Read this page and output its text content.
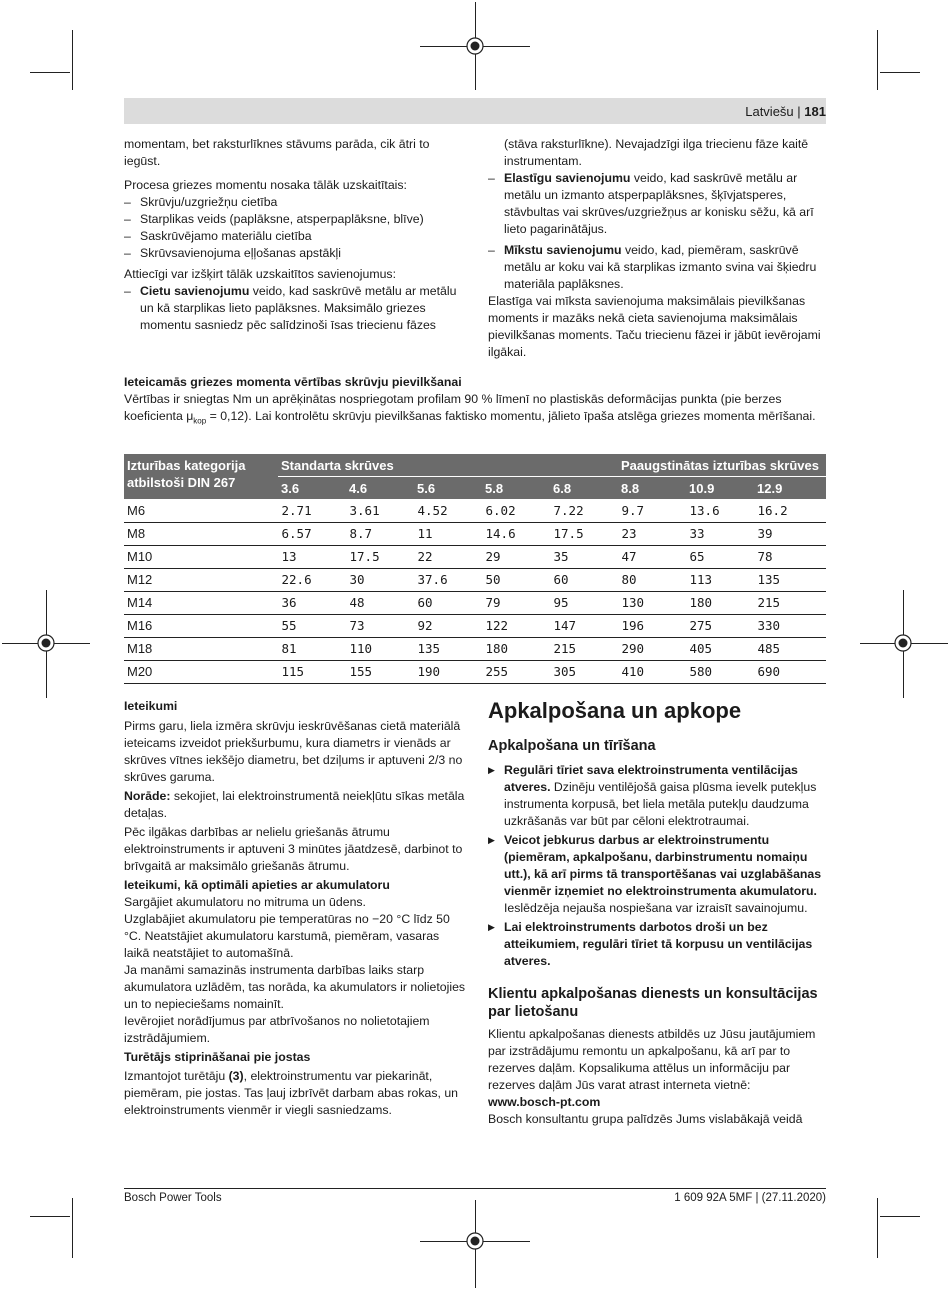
Latviešu | 181

momentam, bet raksturlīknes stāvums parāda, cik ātri to iegūst.

Procesa griezes momentu nosaka tālāk uzskaitītais:

– Skrūvju/uzgriežņu cietība
– Starplikas veids (paplāksne, atsperpaplāksne, blīve)
– Saskrūvējamo materiālu cietība
– Skrūvsavienojuma eļļošanas apstākļi

Attiecīgi var izšķirt tālāk uzskaitītos savienojumus:

– Cietu savienojumu veido, kad saskrūvē metālu ar metālu un kā starplikas lieto paplāksnes. Maksimālo griezes momentu sasniedz pēc salīdzinoši īsas triecienu fāzes

(stāva raksturlīkne). Nevajadzīgi ilga triecienu fāze kaitē instrumentam.

– Elastīgu savienojumu veido, kad saskrūvē metālu ar metālu un izmanto atsperpaplāksnes, šķīvjatsperes, stāvbultas vai skrūves/uzgriežņus ar konisku sēžu, kā arī lieto pagarinātājus.
– Mīkstu savienojumu veido, kad, piemēram, saskrūvē metālu ar koku vai kā starplikas izmanto svina vai šķiedru materiāla paplāksnes.

Elastīga vai mīksta savienojuma maksimālais pievilkšanas moments ir mazāks nekā cieta savienojuma maksimālais pievilkšanas moments. Taču triecienu fāzei ir jābūt ievērojami ilgākai.

Ieteicamās griezes momenta vērtības skrūvju pievilkšanai

Vērtības ir sniegtas Nm un aprēķinātas nospriegotam profilam 90 % līmenī no plastiskās deformācijas punkta (pie berzes koeficienta $\mu_{kop} = 0,12$). Lai kontrolētu skrūvju pievilkšanas faktisko momentu, jālieto īpaša atslēga griezes momenta mērīšanai.

Izturības kategorija atbilstoši DIN 267	Standarta skrūves					Paaugstinātas izturības skrūves		
	3.6	4.6	5.6	5.8	6.8	8.8	10.9	12.9
M6	2.71	3.61	4.52	6.02	7.22	9.7	13.6	16.2
M8	6.57	8.7	11	14.6	17.5	23	33	39
M10	13	17.5	22	29	35	47	65	78
M12	22.6	30	37.6	50	60	80	113	135
M14	36	48	60	79	95	130	180	215
M16	55	73	92	122	147	196	275	330
M18	81	110	135	180	215	290	405	485
M20	115	155	190	255	305	410	580	690

Ieteikumi

Pirms garu, liela izmēra skrūvju ieskrūvēšanas cietā materiālā ieteicams izveidot priekšurbumu, kura diametrs ir vienāds ar skrūves vītnes iekšējo diametru, bet dziļums ir aptuveni 2/3 no skrūves garuma.

Norāde: sekojiet, lai elektroinstrumentā neiekļūtu sīkas metāla detaļas.

Pēc ilgākas darbības ar nelielu griešanās ātrumu elektroinstruments ir aptuveni 3 minūtes jāatdzesē, darbinot to brīvgaitā ar maksimālo griešanās ātrumu.

Ieteikumi, kā optimāli apieties ar akumulatoru

Sargājiet akumulatoru no mitruma un ūdens.

Uzglabājiet akumulatoru pie temperatūras no −20 °C līdz 50 °C. Neatstājiet akumulatoru karstumā, piemēram, vasaras laikā neatstājiet to automašīnā.

Ja manāmi samazinās instrumenta darbības laiks starp akumulatora uzlādēm, tas norāda, ka akumulators ir nolietojies un to nepieciešams nomainīt.

Ievērojiet norādījumus par atbrīvošanos no nolietotajiem izstrādājumiem.

Turētājs stiprināšanai pie jostas

Izmantojot turētāju (3), elektroinstrumentu var piekarināt, piemēram, pie jostas. Tas ļauj izbrīvēt darbam abas rokas, un elektroinstruments vienmēr ir viegli sasniedzams.

Apkalpošana un apkope

Apkalpošana un tīrīšana

▶ Regulāri tīriet sava elektroinstrumenta ventilācijas atveres. Dzinēju ventilējošā gaisa plūsma ievelk putekļus instrumenta korpusā, bet liela metāla putekļu daudzuma uzkrāšanās var būt par cēloni elektrotraumai.
▶ Veicot jebkurus darbus ar elektroinstrumentu (piemēram, apkalpošanu, darbinstrumentu nomaiņu utt.), kā arī pirms tā transportēšanas vai uzglabāšanas vienmēr izņemiet no elektroinstrumenta akumulatoru. Ieslēdzēja nejauša nospiešana var izraisīt savainojumu.
▶ Lai elektroinstruments darbotos droši un bez atteikumiem, regulāri tīriet tā korpusu un ventilācijas atveres.

Klientu apkalpošanas dienests un konsultācijas par lietošanu

Klientu apkalpošanas dienests atbildēs uz Jūsu jautājumiem par izstrādājumu remontu un apkalpošanu, kā arī par to rezerves daļām. Kopsalikuma attēlus un informāciju par rezerves daļām Jūs varat atrast interneta vietnē:

www.bosch-pt.com

Bosch konsultantu grupa palīdzēs Jums vislabākajā veidā

Bosch Power Tools	1 609 92A 5MF | (27.11.2020)
